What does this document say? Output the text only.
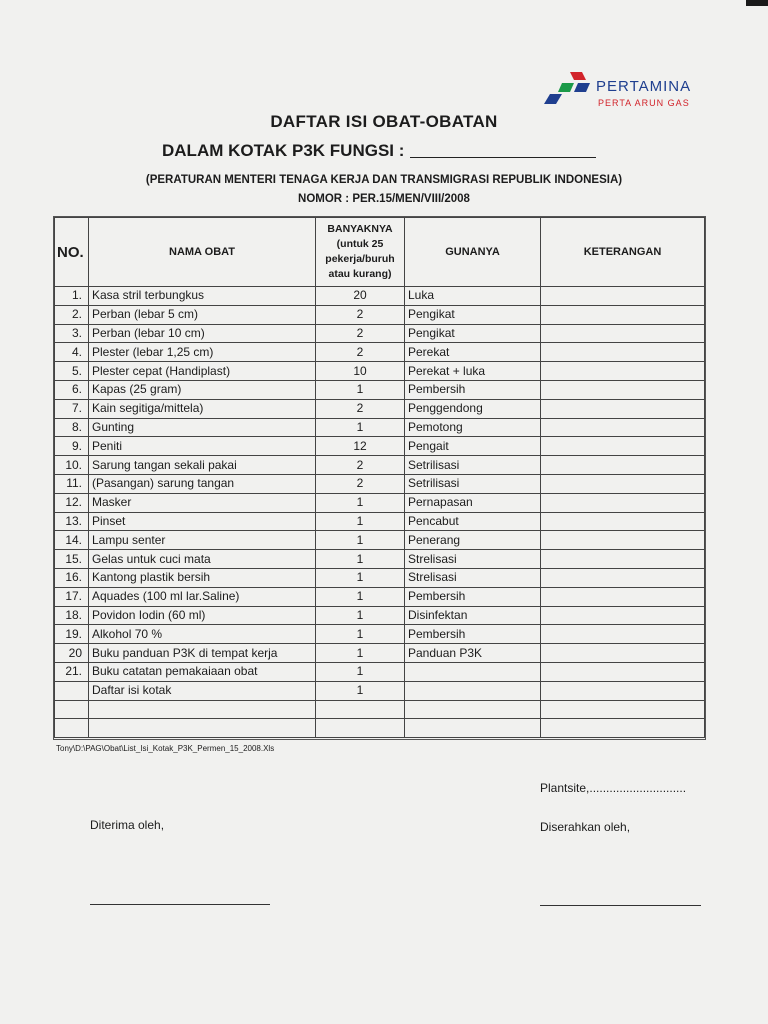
PERTAMINA
PERTA ARUN GAS
DAFTAR ISI OBAT-OBATAN
DALAM KOTAK P3K FUNGSI :
(PERATURAN MENTERI TENAGA KERJA DAN TRANSMIGRASI REPUBLIK INDONESIA)
NOMOR : PER.15/MEN/VIII/2008
NO.	NAMA OBAT	BANYAKNYA (untuk 25 pekerja/buruh atau kurang)	GUNANYA	KETERANGAN
1.	Kasa stril terbungkus	20	Luka	
2.	Perban (lebar 5 cm)	2	Pengikat	
3.	Perban (lebar 10 cm)	2	Pengikat	
4.	Plester (lebar 1,25 cm)	2	Perekat	
5.	Plester cepat (Handiplast)	10	Perekat + luka	
6.	Kapas (25 gram)	1	Pembersih	
7.	Kain segitiga/mittela)	2	Penggendong	
8.	Gunting	1	Pemotong	
9.	Peniti	12	Pengait	
10.	Sarung tangan sekali pakai	2	Setrilisasi	
11.	(Pasangan) sarung tangan	2	Setrilisasi	
12.	Masker	1	Pernapasan	
13.	Pinset	1	Pencabut	
14.	Lampu senter	1	Penerang	
15.	Gelas untuk cuci mata	1	Strelisasi	
16.	Kantong plastik bersih	1	Strelisasi	
17.	Aquades (100 ml lar.Saline)	1	Pembersih	
18.	Povidon Iodin (60 ml)	1	Disinfektan	
19.	Alkohol 70 %	1	Pembersih	
20	Buku panduan P3K di tempat kerja	1	Panduan P3K	
21.	Buku catatan pemakaiaan obat	1		
	Daftar isi kotak	1		

Tony\D:\PAG\Obat\List_Isi_Kotak_P3K_Permen_15_2008.Xls
Plantsite,.............................
Diterima oleh,	Diserahkan oleh,
